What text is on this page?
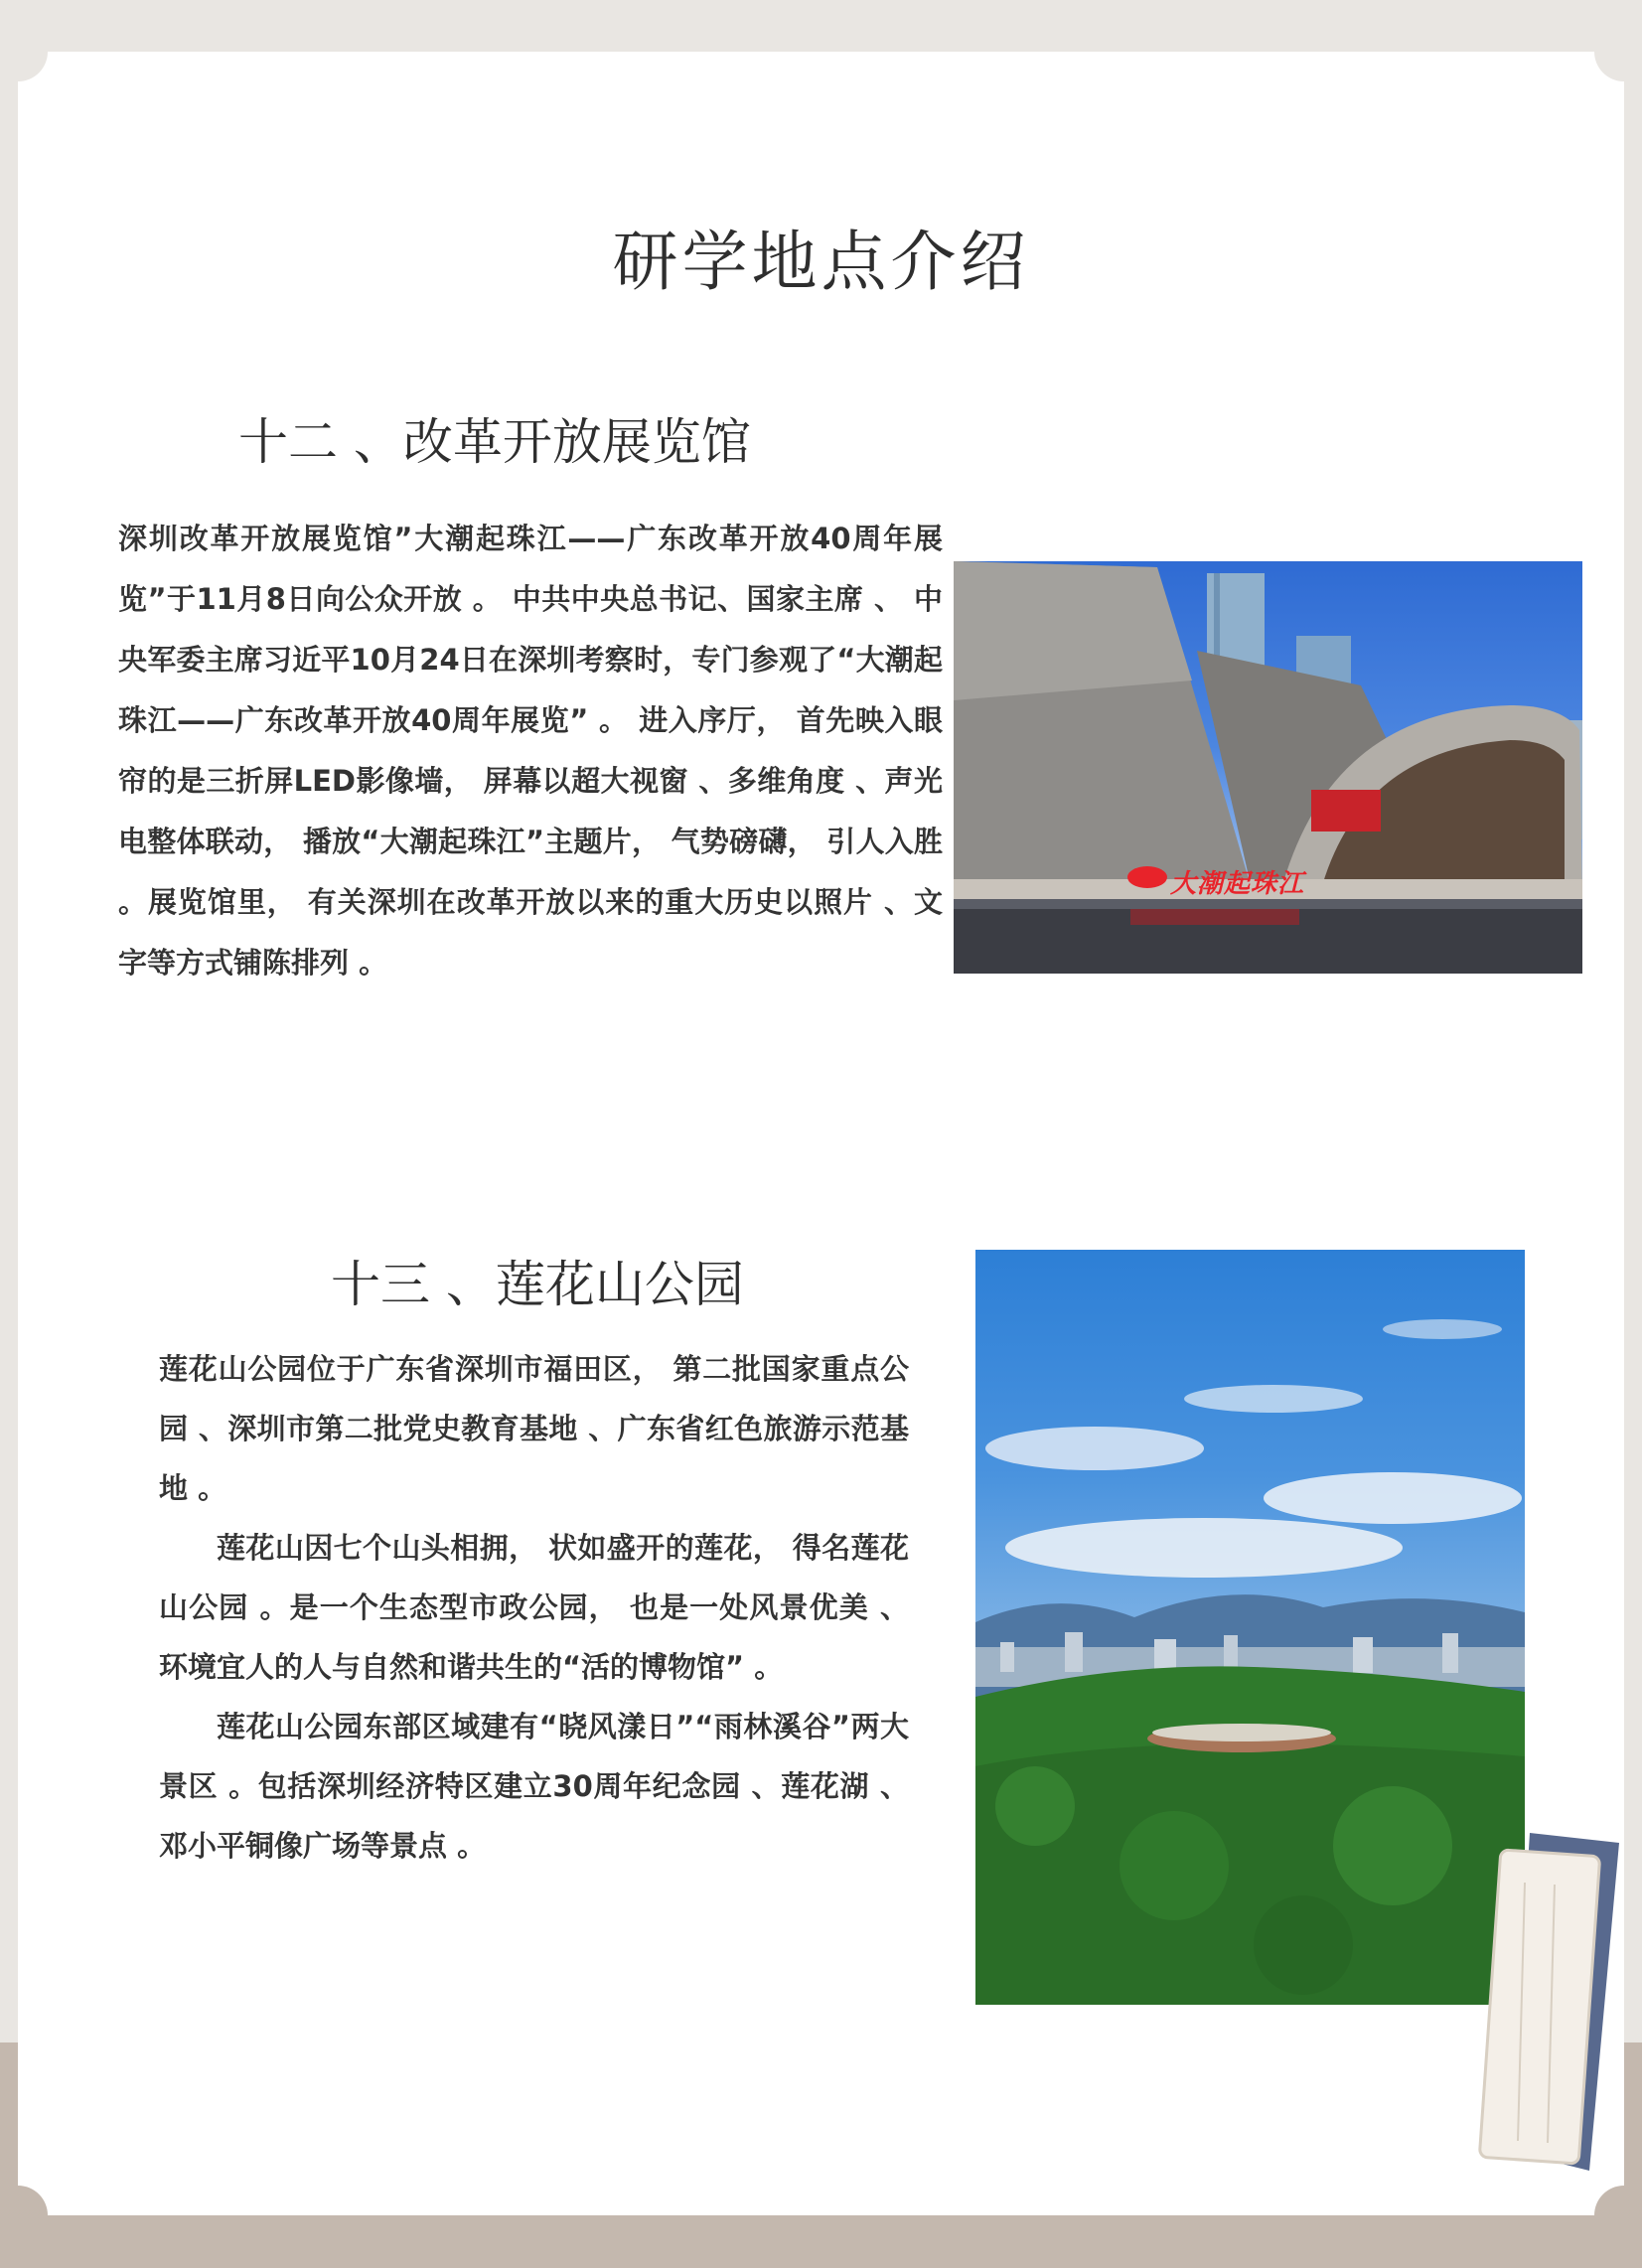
研学地点介绍
十二 、改革开放展览馆

深圳改革开放展览馆”大潮起珠江——广东改革开放40周年展览”于11月8日向公众开放 。 中共中央总书记、国家主席 、 中央军委主席习近平10月24日在深圳考察时，专门参观了“大潮起珠江——广东改革开放40周年展览” 。 进入序厅， 首先映入眼帘的是三折屏LED影像墙， 屏幕以超大视窗 、多维角度 、声光电整体联动， 播放“大潮起珠江”主题片， 气势磅礴， 引人入胜 。展览馆里， 有关深圳在改革开放以来的重大历史以照片 、文字等方式铺陈排列 。

大潮起珠江
十三 、莲花山公园

莲花山公园位于广东省深圳市福田区， 第二批国家重点公园 、深圳市第二批党史教育基地 、广东省红色旅游示范基地 。

莲花山因七个山头相拥， 状如盛开的莲花， 得名莲花山公园 。是一个生态型市政公园， 也是一处风景优美 、环境宜人的人与自然和谐共生的“活的博物馆” 。

莲花山公园东部区域建有“晓风漾日”“雨林溪谷”两大景区 。包括深圳经济特区建立30周年纪念园 、莲花湖 、邓小平铜像广场等景点 。
